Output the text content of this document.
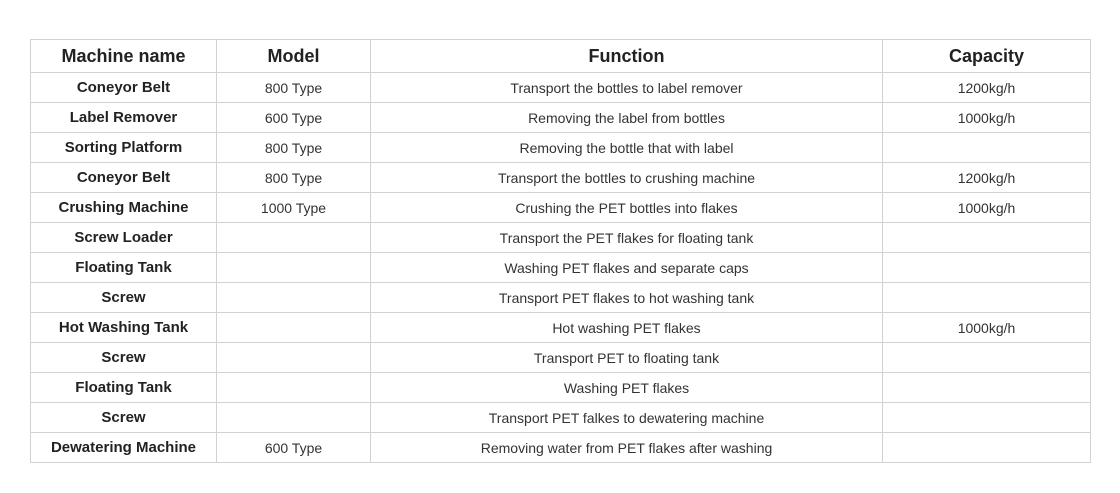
Machine name	Model	Function	Capacity
Coneyor Belt	800 Type	Transport the bottles to label remover	1200kg/h
Label Remover	600 Type	Removing the label from bottles	1000kg/h
Sorting Platform	800 Type	Removing the bottle that with label	
Coneyor Belt	800 Type	Transport the bottles to crushing machine	1200kg/h
Crushing Machine	1000 Type	Crushing the PET bottles into flakes	1000kg/h
Screw Loader		Transport the PET flakes for floating tank	
Floating Tank		Washing PET flakes and separate caps	
Screw		Transport PET flakes to hot washing tank	
Hot Washing Tank		Hot washing PET flakes	1000kg/h
Screw		Transport PET to floating tank	
Floating Tank		Washing PET flakes	
Screw		Transport PET falkes to dewatering machine	
Dewatering Machine	600 Type	Removing water from PET flakes after washing	
